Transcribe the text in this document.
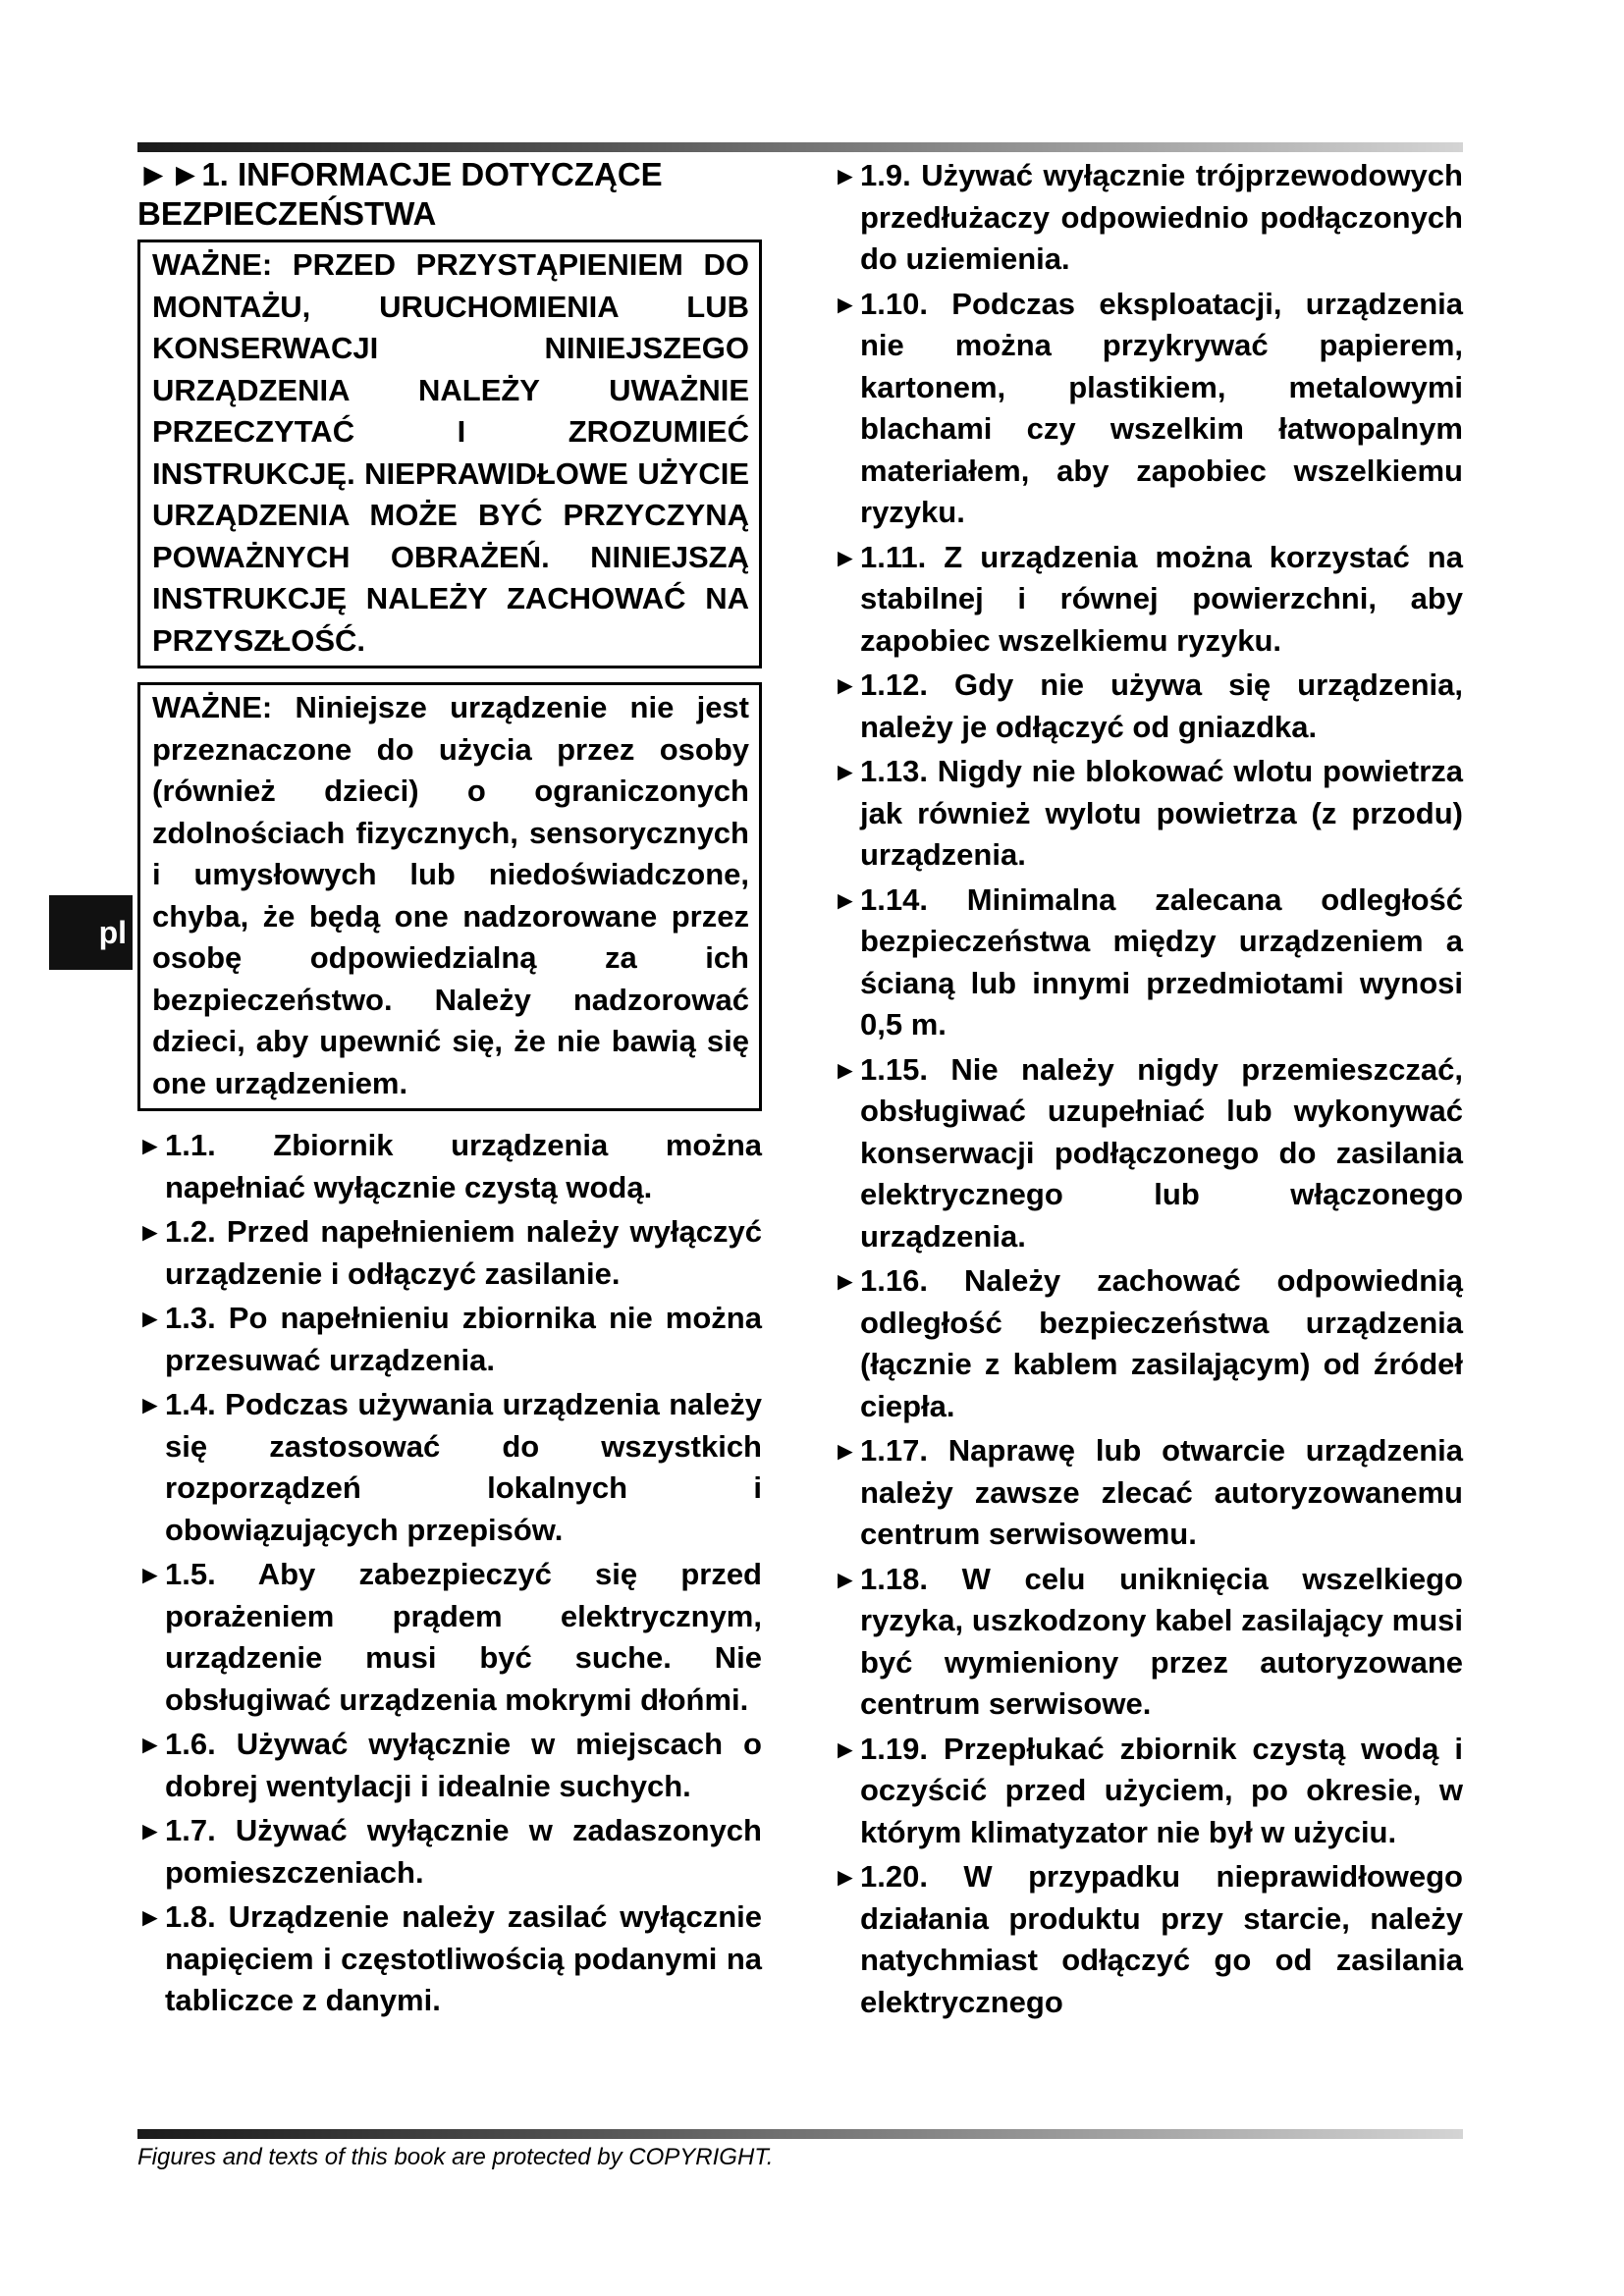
pl
►►1. INFORMACJE DOTYCZĄCE BEZPIECZEŃSTWA
WAŻNE: PRZED PRZYSTĄPIENIEM DO MONTAŻU, URUCHOMIENIA LUB KONSERWACJI NINIEJSZEGO URZĄDZENIA NALEŻY UWAŻNIE PRZECZYTAĆ I ZROZUMIEĆ INSTRUKCJĘ. NIEPRAWIDŁOWE UŻYCIE URZĄDZENIA MOŻE BYĆ PRZYCZYNĄ POWAŻNYCH OBRAŻEŃ. NINIEJSZĄ INSTRUKCJĘ NALEŻY ZACHOWAĆ NA PRZYSZŁOŚĆ.
WAŻNE: Niniejsze urządzenie nie jest przeznaczone do użycia przez osoby (również dzieci) o ograniczonych zdolnościach fizycznych, sensorycznych i umysłowych lub niedoświadczone, chyba, że będą one nadzorowane przez osobę odpowiedzialną za ich bezpieczeństwo. Należy nadzorować dzieci, aby upewnić się, że nie bawią się one urządzeniem.
► 1.1. Zbiornik urządzenia można napełniać wyłącznie czystą wodą.
► 1.2. Przed napełnieniem należy wyłączyć urządzenie i odłączyć zasilanie.
► 1.3. Po napełnieniu zbiornika nie można przesuwać urządzenia.
► 1.4. Podczas używania urządzenia należy się zastosować do wszystkich rozporządzeń lokalnych i obowiązujących przepisów.
► 1.5. Aby zabezpieczyć się przed porażeniem prądem elektrycznym, urządzenie musi być suche. Nie obsługiwać urządzenia mokrymi dłońmi.
► 1.6. Używać wyłącznie w miejscach o dobrej wentylacji i idealnie suchych.
► 1.7. Używać wyłącznie w zadaszonych pomieszczeniach.
► 1.8. Urządzenie należy zasilać wyłącznie napięciem i częstotliwością podanymi na tabliczce z danymi.
► 1.9. Używać wyłącznie trójprzewodowych przedłużaczy odpowiednio podłączonych do uziemienia.
► 1.10. Podczas eksploatacji, urządzenia nie można przykrywać papierem, kartonem, plastikiem, metalowymi blachami czy wszelkim łatwopalnym materiałem, aby zapobiec wszelkiemu ryzyku.
► 1.11. Z urządzenia można korzystać na stabilnej i równej powierzchni, aby zapobiec wszelkiemu ryzyku.
► 1.12. Gdy nie używa się urządzenia, należy je odłączyć od gniazdka.
► 1.13. Nigdy nie blokować wlotu powietrza jak również wylotu powietrza (z przodu) urządzenia.
► 1.14. Minimalna zalecana odległość bezpieczeństwa między urządzeniem a ścianą lub innymi przedmiotami wynosi 0,5 m.
► 1.15. Nie należy nigdy przemieszczać, obsługiwać uzupełniać lub wykonywać konserwacji podłączonego do zasilania elektrycznego lub włączonego urządzenia.
► 1.16. Należy zachować odpowiednią odległość bezpieczeństwa urządzenia (łącznie z kablem zasilającym) od źródeł ciepła.
► 1.17. Naprawę lub otwarcie urządzenia należy zawsze zlecać autoryzowanemu centrum serwisowemu.
► 1.18. W celu uniknięcia wszelkiego ryzyka, uszkodzony kabel zasilający musi być wymieniony przez autoryzowane centrum serwisowe.
► 1.19. Przepłukać zbiornik czystą wodą i oczyścić przed użyciem, po okresie, w którym klimatyzator nie był w użyciu.
► 1.20. W przypadku nieprawidłowego działania produktu przy starcie, należy natychmiast odłączyć go od zasilania elektrycznego
Figures and texts of this book are protected by COPYRIGHT.
